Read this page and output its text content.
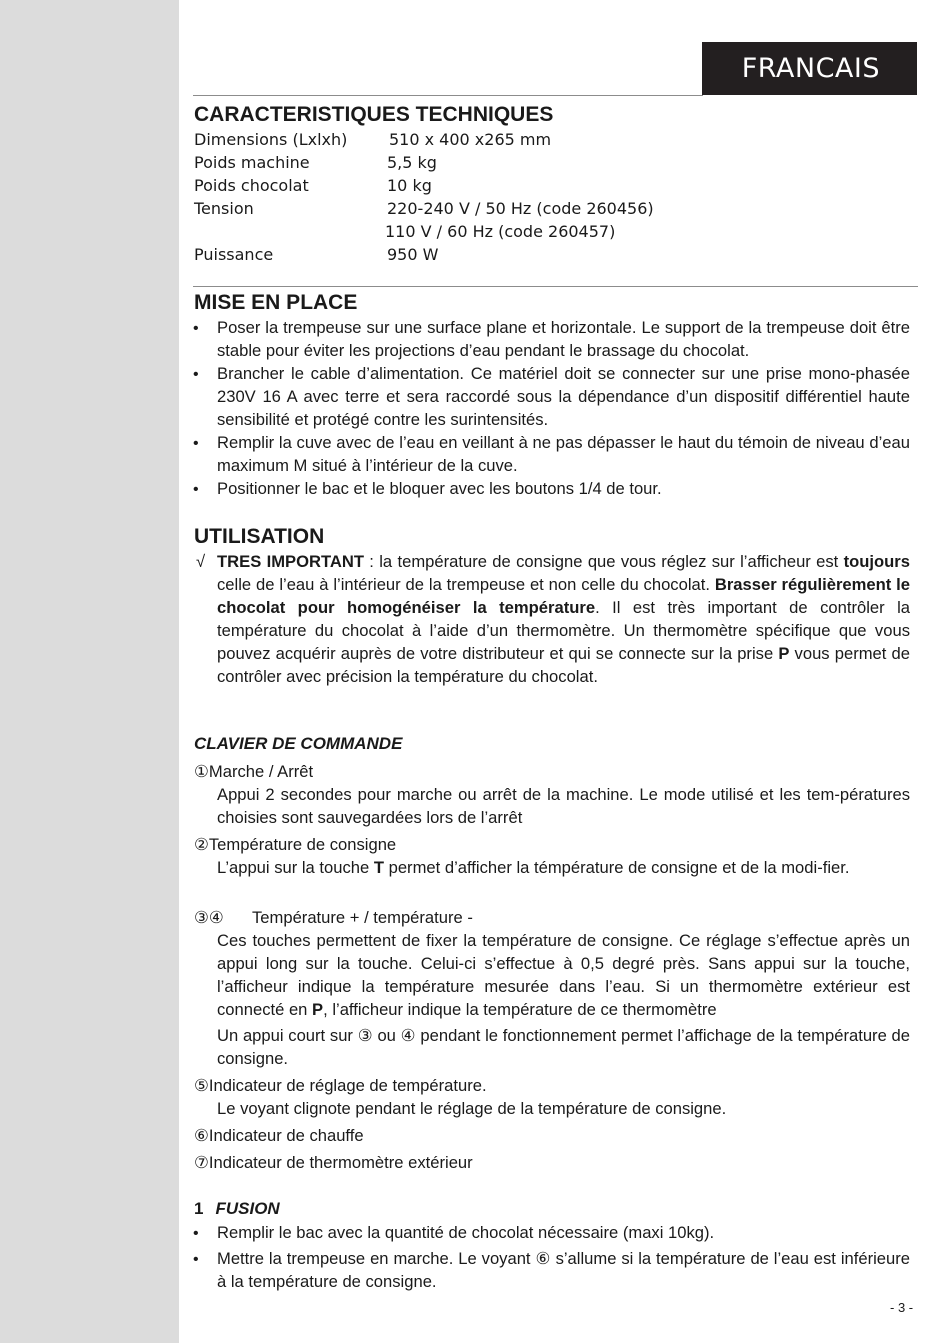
FRANCAIS
CARACTERISTIQUES TECHNIQUES
Dimensions (Lxlxh)	510 x 400 x265 mm
Poids machine	5,5 kg
Poids chocolat	10 kg
Tension	220-240 V / 50 Hz (code 260456)
110 V / 60 Hz (code 260457)
Puissance	950 W
MISE EN PLACE
• Poser la trempeuse sur une surface plane et horizontale. Le support de la trempeuse doit être stable pour éviter les projections d’eau pendant le brassage du chocolat.
• Brancher le cable d’alimentation. Ce matériel doit se connecter sur une prise mono-phasée 230V 16 A avec terre et sera raccordé sous la dépendance d’un dispositif différentiel haute sensibilité et protégé contre les surintensités.
• Remplir la cuve avec de l’eau en veillant à ne pas dépasser le haut du témoin de niveau d’eau maximum M situé à l’intérieur de la cuve.
• Positionner le bac et le bloquer avec les boutons 1/4 de tour.
UTILISATION
√ TRES IMPORTANT : la température de consigne que vous réglez sur l’afficheur est toujours celle de l’eau à l’intérieur de la trempeuse et non celle du chocolat. Brasser régulièrement le chocolat pour homogénéiser la température. Il est très important de contrôler la température du chocolat à l’aide d’un thermomètre. Un thermomètre spécifique que vous pouvez acquérir auprès de votre distributeur et qui se connecte sur la prise P vous permet de contrôler avec précision la température du chocolat.
CLAVIER DE COMMANDE
①Marche / Arrêt
Appui 2 secondes pour marche ou arrêt de la machine. Le mode utilisé et les tem-pératures choisies sont sauvegardées lors de l’arrêt
②Température de consigne
L’appui sur la touche T permet d’afficher la témpérature de consigne et de la modi-fier.
③④ Température + / température -
Ces touches permettent de fixer la température de consigne. Ce réglage s’effectue après un appui long sur la touche. Celui-ci s’effectue à 0,5 degré près. Sans appui sur la touche, l’afficheur indique la température mesurée dans l’eau. Si un thermomètre extérieur est connecté en P, l’afficheur indique la température de ce thermomètre
Un appui court sur ③ ou ④ pendant le fonctionnement permet l’affichage de la température de consigne.
⑤Indicateur de réglage de température.
Le voyant clignote pendant le réglage de la température de consigne.
⑥Indicateur de chauffe
⑦Indicateur de thermomètre extérieur
1 FUSION
• Remplir le bac avec la quantité de chocolat nécessaire (maxi 10kg).
• Mettre la trempeuse en marche. Le voyant ⑥ s’allume si la température de l’eau est inférieure à la température de consigne.
- 3 -
